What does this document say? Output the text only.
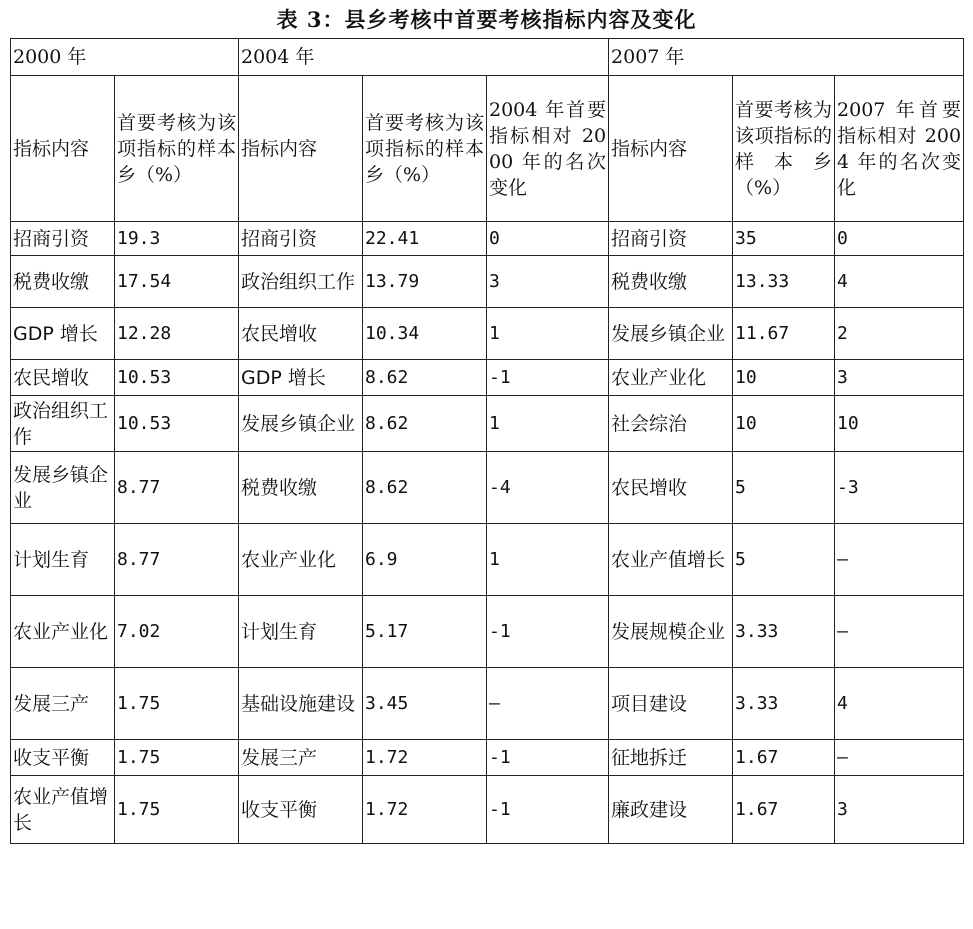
表 3：县乡考核中首要考核指标内容及变化
2000 年		2004 年			2007 年		
指标内容	首要考核为该项指标的样本乡（%）	指标内容	首要考核为该项指标的样本乡（%）	2004 年首要指标相对 2000 年的名次变化	指标内容	首要考核为该项指标的样本乡（%）	2007 年首要指标相对 2004 年的名次变化
招商引资	19.3	招商引资	22.41	0	招商引资	35	0
税费收缴	17.54	政治组织工作	13.79	3	税费收缴	13.33	4
GDP 增长	12.28	农民增收	10.34	1	发展乡镇企业	11.67	2
农民增收	10.53	GDP 增长	8.62	-1	农业产业化	10	3
政治组织工作	10.53	发展乡镇企业	8.62	1	社会综治	10	10
发展乡镇企业	8.77	税费收缴	8.62	-4	农民增收	5	-3
计划生育	8.77	农业产业化	6.9	1	农业产值增长	5	–
农业产业化	7.02	计划生育	5.17	-1	发展规模企业	3.33	–
发展三产	1.75	基础设施建设	3.45	–	项目建设	3.33	4
收支平衡	1.75	发展三产	1.72	-1	征地拆迁	1.67	–
农业产值增长	1.75	收支平衡	1.72	-1	廉政建设	1.67	3
